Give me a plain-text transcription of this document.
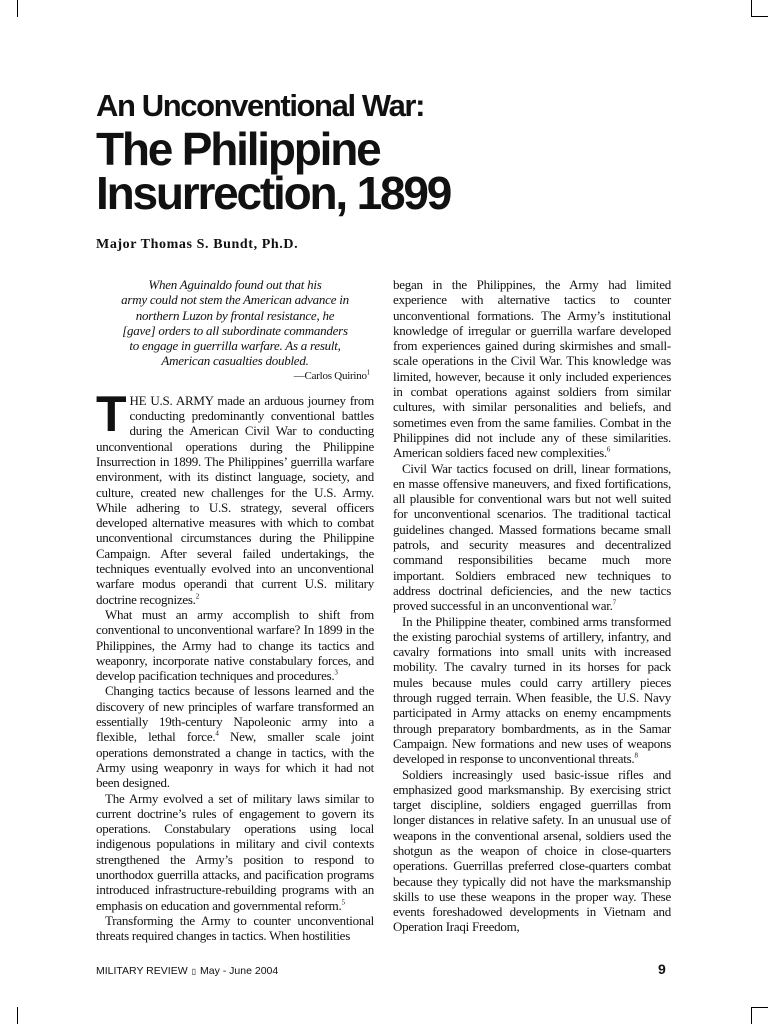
An Unconventional War:
The Philippine
Insurrection, 1899
Major Thomas S. Bundt, Ph.D.
When Aguinaldo found out that his
army could not stem the American advance in
northern Luzon by frontal resistance, he
[gave] orders to all subordinate commanders
to engage in guerrilla warfare. As a result,
American casualties doubled.
—Carlos Quirino$^1$

THE U.S. ARMY made an arduous journey from conducting predominantly conventional battles during the American Civil War to conducting unconventional operations during the Philippine Insurrection in 1899. The Philippines’ guerrilla warfare environment, with its distinct language, society, and culture, created new challenges for the U.S. Army. While adhering to U.S. strategy, several officers developed alternative measures with which to combat unconventional circumstances during the Philippine Campaign. After several failed undertakings, the techniques eventually evolved into an unconventional warfare modus operandi that current U.S. military doctrine recognizes.$^2$

What must an army accomplish to shift from conventional to unconventional warfare? In 1899 in the Philippines, the Army had to change its tactics and weaponry, incorporate native constabulary forces, and develop pacification techniques and procedures.$^3$

Changing tactics because of lessons learned and the discovery of new principles of warfare transformed an essentially 19th-century Napoleonic army into a flexible, lethal force.$^4$ New, smaller scale joint operations demonstrated a change in tactics, with the Army using weaponry in ways for which it had not been designed.

The Army evolved a set of military laws similar to current doctrine’s rules of engagement to govern its operations. Constabulary operations using local indigenous populations in military and civil contexts strengthened the Army’s position to respond to unorthodox guerrilla attacks, and pacification programs introduced infrastructure-rebuilding programs with an emphasis on education and governmental reform.$^5$

Transforming the Army to counter unconventional threats required changes in tactics. When hostilities

began in the Philippines, the Army had limited experience with alternative tactics to counter unconventional formations. The Army’s institutional knowledge of irregular or guerrilla warfare developed from experiences gained during skirmishes and small-scale operations in the Civil War. This knowledge was limited, however, because it only included experiences in combat operations against soldiers from similar cultures, with similar personalities and beliefs, and sometimes even from the same families. Combat in the Philippines did not include any of these similarities. American soldiers faced new complexities.$^6$

Civil War tactics focused on drill, linear formations, en masse offensive maneuvers, and fixed fortifications, all plausible for conventional wars but not well suited for unconventional scenarios. The traditional tactical guidelines changed. Massed formations became small patrols, and security measures and decentralized command responsibilities became much more important. Soldiers embraced new techniques to address doctrinal deficiencies, and the new tactics proved successful in an unconventional war.$^7$

In the Philippine theater, combined arms transformed the existing parochial systems of artillery, infantry, and cavalry formations into small units with increased mobility. The cavalry turned in its horses for pack mules because mules could carry artillery pieces through rugged terrain. When feasible, the U.S. Navy participated in Army attacks on enemy encampments through preparatory bombardments, as in the Samar Campaign. New formations and new uses of weapons developed in response to unconventional threats.$^8$

Soldiers increasingly used basic-issue rifles and emphasized good marksmanship. By exercising strict target discipline, soldiers engaged guerrillas from longer distances in relative safety. In an unusual use of weapons in the conventional arsenal, soldiers used the shotgun as the weapon of choice in close-quarters operations. Guerrillas preferred close-quarters combat because they typically did not have the marksmanship skills to use these weapons in the proper way. These events foreshadowed developments in Vietnam and Operation Iraqi Freedom,

MILITARY REVIEW ▯ May - June 2004	9
